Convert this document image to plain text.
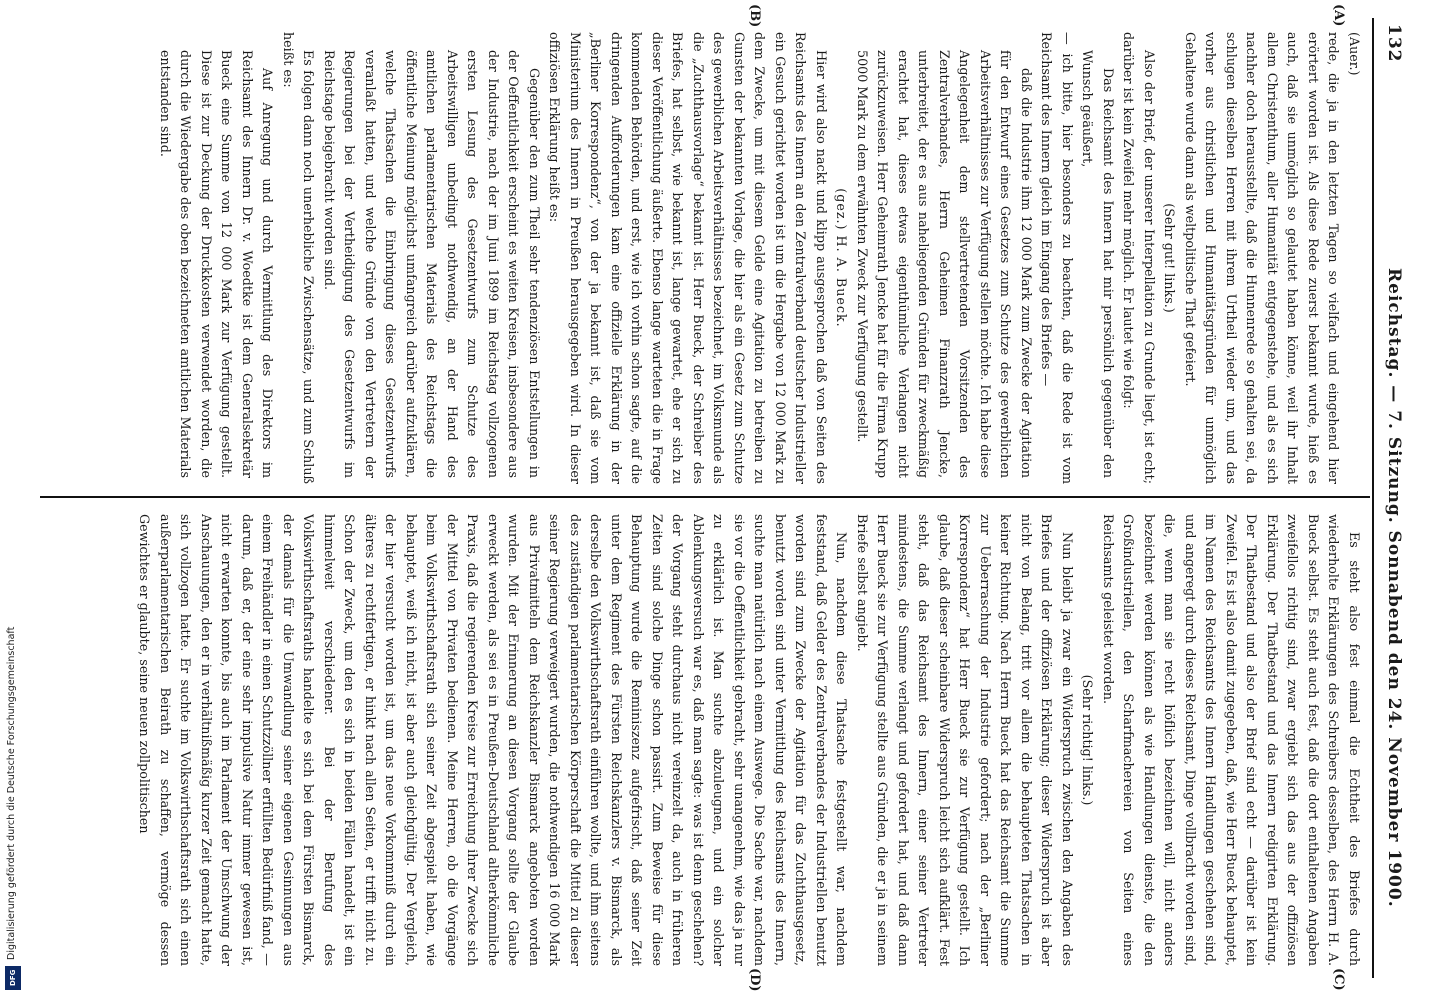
Digitalisierung gefördert durch die Deutsche Forschungsgemeinschaft
DFG
132
Reichstag. — 7. Sitzung. Sonnabend den 24. November 1900.
(A)
(B)
(C)
(D)

(Auer.)

rede, die ja in den letzten Tagen so vielfach und eingehend hier erörtert worden ist. Als diese Rede zuerst bekannt wurde, hieß es auch, daß sie unmöglich so gelautet haben könne, weil ihr Inhalt allem Christenthum, aller Humanität entgegenstehe, und als es sich nachher doch herausstellte, daß die Hunnenrede so gehalten sei, da schlugen dieselben Herren mit ihrem Urtheil wieder um, und das vorher aus christlichen und Humanitätsgründen für unmöglich Gehaltene wurde dann als weltpolitische That gefeiert.

(Sehr gut! links.)

Also der Brief, der unserer Interpellation zu Grunde liegt, ist echt; darüber ist kein Zweifel mehr möglich. Er lautet wie folgt:

Das Reichsamt des Innern hat mir persönlich gegenüber den Wunsch geäußert,

— ich bitte, hier besonders zu beachten, daß die Rede ist vom Reichsamt des Innern gleich im Eingang des Briefes —

daß die Industrie ihm 12 000 Mark zum Zwecke der Agitation für den Entwurf eines Gesetzes zum Schutze des gewerblichen Arbeitsverhältnisses zur Verfügung stellen möchte. Ich habe diese Angelegenheit dem stellvertretenden Vorsitzenden des Zentralverbandes, Herrn Geheimen Finanzrath Jencke, unterbreitet, der es aus naheliegenden Gründen für zweckmäßig erachtet hat, dieses etwas eigenthümliche Verlangen nicht zurückzuweisen. Herr Geheimrath Jencke hat für die Firma Krupp 5000 Mark zu dem erwähnten Zweck zur Verfügung gestellt.

(gez.) H. A. Bueck.

Hier wird also nackt und klipp ausgesprochen daß von Seiten des Reichsamts des Innern an den Zentralverband deutscher Industrieller ein Gesuch gerichtet worden ist um die Hergabe von 12 000 Mark zu dem Zwecke, um mit diesem Gelde eine Agitation zu betreiben zu Gunsten der bekannten Vorlage, die hier als ein Gesetz zum Schutze des gewerblichen Arbeitsverhältnisses bezeichnet, im Volksmunde als die „Zuchthausvorlage“ bekannt ist. Herr Bueck, der Schreiber des Briefes, hat selbst, wie bekannt ist, lange gewartet, ehe er sich zu dieser Veröffentlichung äußerte. Ebenso lange warteten die in Frage kommenden Behörden, und erst, wie ich vorhin schon sagte, auf die dringenden Aufforderungen kam eine offizielle Erklärung in der „Berliner Korrespondenz“, von der ja bekannt ist, daß sie vom Ministerium des Innern in Preußen herausgegeben wird. In dieser offiziösen Erklärung heißt es:

Gegenüber den zum Theil sehr tendenziösen Entstellungen in der Oeffentlichkeit erscheint es weiten Kreisen, insbesondere aus der Industrie, nach der im Juni 1899 im Reichstag vollzogenen ersten Lesung des Gesetzentwurfs zum Schutze des Arbeitswilligen unbedingt nothwendig, an der Hand des amtlichen parlamentarischen Materials des Reichstags die öffentliche Meinung möglichst umfangreich darüber aufzuklären, welche Thatsachen die Einbringung dieses Gesetzentwurfs veranlaßt hatten, und welche Gründe von den Vertretern der Regierungen bei der Vertheidigung des Gesetzentwurfs im Reichstage beigebracht worden sind.

Es folgen dann noch unerhebliche Zwischensätze, und zum Schluß heißt es:

Auf Anregung und durch Vermittlung des Direktors im Reichsamt des Innern Dr. v. Woedtke ist dem Generalsekretär Bueck eine Summe von 12 000 Mark zur Verfügung gestellt. Diese ist zur Deckung der Druckkosten verwendet worden, die durch die Wiedergabe des oben bezeichneten amtlichen Materials entstanden sind.

Es steht also fest einmal die Echtheit des Briefes durch wiederholte Erklärungen des Schreibers desselben, des Herrn H. A. Bueck selbst. Es steht auch fest, daß die dort enthaltenen Angaben zweifellos richtig sind, zwar ergiebt sich das aus der offiziösen Erklärung. Der Thatbestand und das Innern redigirten Erklärung. Der Thatbestand und also der Brief sind echt — darüber ist kein Zweifel. Es ist also damit zugegeben, daß, wie Herr Bueck behauptet, im Namen des Reichsamts des Innern Handlungen geschehen sind, und angeregt durch dieses Reichsamt, Dinge vollbracht worden sind, die, wenn man sie recht höflich bezeichnen will, nicht anders bezeichnet werden können als wie Handlungen dienste, die den Großindustriellen, den Scharfmachereien von Seiten eines Reichsamts geleistet worden.

(Sehr richtig! links.)

Nun bleibt ja zwar ein Widerspruch zwischen den Angaben des Briefes und der offiziösen Erklärung; dieser Widerspruch ist aber nicht von Belang, tritt vor allem die behaupteten Thatsachen in keiner Richtung. Nach Herrn Bueck hat das Reichsamt die Summe zur Ueberraschung der Industrie gefordert; nach der „Berliner Korrespondenz“ hat Herr Bueck sie zur Verfügung gestellt. Ich glaube, daß dieser scheinbare Widerspruch leicht sich aufklärt. Fest steht, daß das Reichsamt des Innern, einer seiner Vertreter mindestens, die Summe verlangt und gefordert hat, und daß dann Herr Bueck sie zur Verfügung stellte aus Gründen, die er ja in seinem Briefe selbst angiebt.

Nun, nachdem diese Thatsache festgestellt war, nachdem feststand, daß Gelder des Zentralverbandes der Industriellen benutzt worden sind zum Zwecke der Agitation für das Zuchthausgesetz, benutzt worden sind unter Vermittlung des Reichsamts des Innern, suchte man natürlich nach einem Auswege. Die Sache war, nachdem sie vor die Oeffentlichkeit gebracht, sehr unangenehm, wie das ja nur zu erklärlich ist. Man suchte abzuleugnen, und ein solcher Ablenkungsversuch war es, daß man sagte: was ist denn geschehen? der Vorgang steht durchaus nicht vereinzelt da, auch in früheren Zeiten sind solche Dinge schon passirt. Zum Beweise für diese Behauptung wurde die Reminiszenz aufgefrischt, daß seiner Zeit unter dem Regiment des Fürsten Reichskanzlers v. Bismarck, als derselbe den Volkswirthschaftsrath einführen wollte, und ihm seitens des zuständigen parlamentarischen Körperschaft die Mittel zu dieser seiner Regierung verweigert wurden, die nothwendigen 16 000 Mark aus Privatmitteln dem Reichskanzler Bismarck angeboten worden wurden. Mit der Erinnerung an diesen Vorgang sollte der Glaube erweckt werden, als sei es in Preußen-Deutschland altherkömmliche Praxis, daß die regierenden Kreise zur Erreichung ihrer Zwecke sich der Mittel von Privaten bedienen. Meine Herren, ob die Vorgänge beim Volkswirthschaftsrath sich seiner Zeit abgespielt haben, wie behauptet, weiß ich nicht, ist aber auch gleichgültig. Der Vergleich, der hier versucht worden ist, um das neue Vorkommniß durch ein älteres zu rechtfertigen, er hinkt nach allen Seiten, er trifft nicht zu. Schon der Zweck, um den es sich in beiden Fällen handelt, ist ein himmelweit verschiedener. Bei der Berufung des Volkswirthschaftsraths handelte es sich bei dem Fürsten Bismarck, der damals für die Umwandlung seiner eigenen Gesinnungen aus einem Freihändler in einen Schutzzöllner erfüllten Bedürfniß fand, — darum, daß er, der eine sehr impulsive Natur immer gewesen ist, nicht erwarten konnte, bis auch im Parlament der Umschwung der Anschauungen, den er in verhältnißmäßig kurzer Zeit gemacht hatte, sich vollzogen hatte. Er suchte im Volkswirthschaftsrath sich einen außerparlamentarischen Beirath zu schaffen, vermöge dessen Gewichtes er glaubte, seine neuen zollpolitischen
